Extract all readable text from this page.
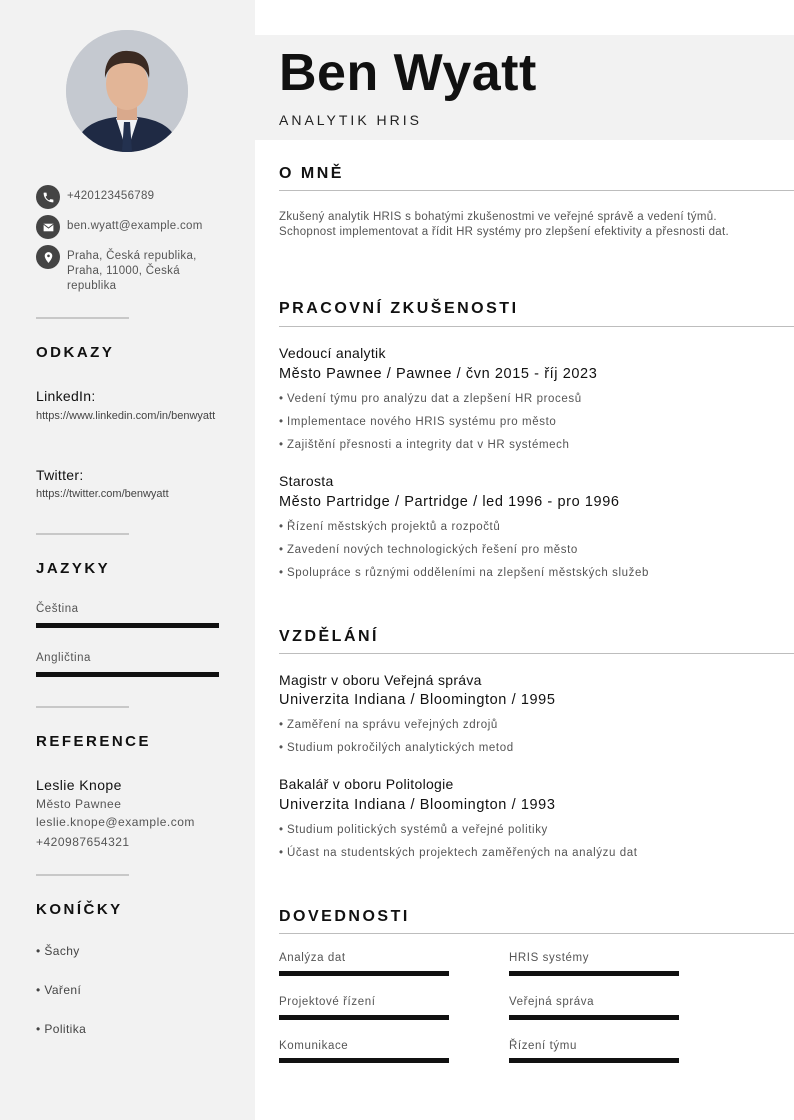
+420123456789
ben.wyatt@example.com
Praha, Česká republika, Praha, 11000, Česká republika
ODKAZY
LinkedIn:
https://www.linkedin.com/in/benwyatt
Twitter:
https://twitter.com/benwyatt
JAZYKY
Čeština
Angličtina
REFERENCE
Leslie Knope
Město Pawnee
leslie.knope@example.com
+420987654321
KONÍČKY
• Šachy
• Vaření
• Politika
Ben Wyatt
ANALYTIK HRIS
O MNĚ
Zkušený analytik HRIS s bohatými zkušenostmi ve veřejné správě a vedení týmů. Schopnost implementovat a řídit HR systémy pro zlepšení efektivity a přesnosti dat.
PRACOVNÍ ZKUŠENOSTI
Vedoucí analytik
Město Pawnee / Pawnee / čvn 2015 - říj 2023
• Vedení týmu pro analýzu dat a zlepšení HR procesů
• Implementace nového HRIS systému pro město
• Zajištění přesnosti a integrity dat v HR systémech
Starosta
Město Partridge / Partridge / led 1996 - pro 1996
• Řízení městských projektů a rozpočtů
• Zavedení nových technologických řešení pro město
• Spolupráce s různými odděleními na zlepšení městských služeb
VZDĚLÁNÍ
Magistr v oboru Veřejná správa
Univerzita Indiana / Bloomington / 1995
• Zaměření na správu veřejných zdrojů
• Studium pokročilých analytických metod
Bakalář v oboru Politologie
Univerzita Indiana / Bloomington / 1993
• Studium politických systémů a veřejné politiky
• Účast na studentských projektech zaměřených na analýzu dat
DOVEDNOSTI
Analýza dat	HRIS systémy
Projektové řízení	Veřejná správa
Komunikace	Řízení týmu
